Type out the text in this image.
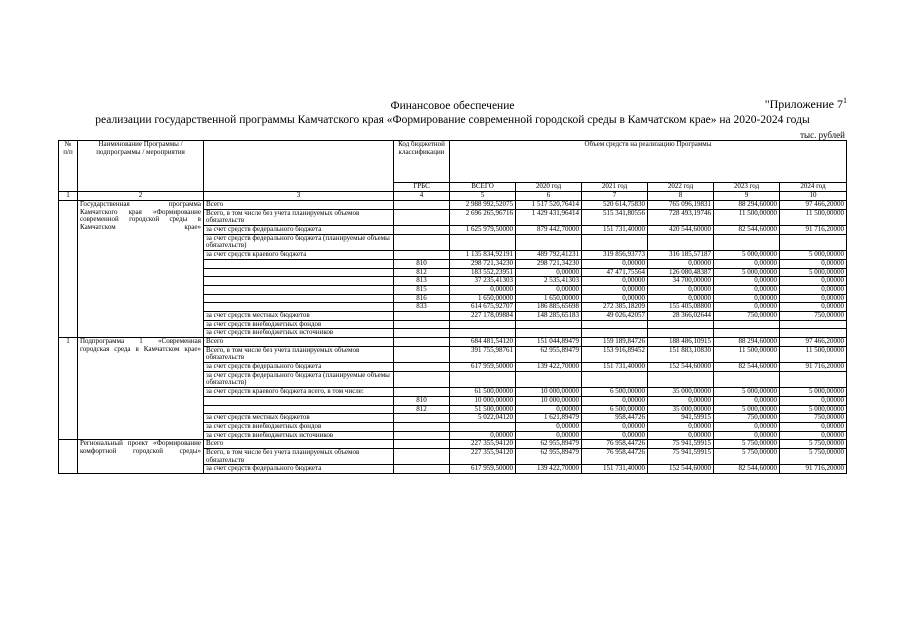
"Приложение $7^1$
Финансовое обеспечение
реализации государственной программы Камчатского края «Формирование современной городской среды в Камчатском крае» на 2020-2024 годы
тыс. рублей
№ п/п	Наименование Программы / подпрограммы / мероприятия		Код бюджетной классификации	Объем средств на реализацию Программы					
			ГРБС	ВСЕГО	2020 год	2021 год	2022 год	2023 год	2024 год
1	2	3	4	5	6	7	8	9	10
	Государственная программа Камчатского края «Формирование современной городской среды в Камчатском крае»	Всего		2 988 992,52075	1 517 520,76414	520 614,75830	765 096,19831	88 294,60000	97 466,20000
		Всего, в том числе без учета планируемых объемов обязательств		2 696 265,96716	1 429 431,96414	515 341,80556	728 493,19746	11 500,00000	11 500,00000
		за счет средств федерального бюджета		1 625 979,50000	879 442,70000	151 731,40000	420 544,60000	82 544,60000	91 716,20000
		за счет средств федерального бюджета (планируемые объемы обязательств)							
		за счет средств краевого бюджета		1 135 834,92191	489 792,41231	319 856,93773	316 185,57187	5 000,00000	5 000,00000
			810	298 721,34230	298 721,34230	0,00000	0,00000	0,00000	0,00000
			812	183 552,23951	0,00000	47 471,75564	126 080,48387	5 000,00000	5 000,00000
			813	37 235,41303	2 535,41303	0,00000	34 700,00000	0,00000	0,00000
			815	0,00000	0,00000	0,00000	0,00000	0,00000	0,00000
			816	1 650,00000	1 650,00000	0,00000	0,00000	0,00000	0,00000
			833	614 675,92707	186 885,65698	272 385,18209	155 405,08800	0,00000	0,00000
		за счет средств местных бюджетов		227 178,09884	148 285,65183	49 026,42057	28 366,02644	750,00000	750,00000
		за счет средств внебюджетных фондов							
		за счет средств внебюджетных источников							
1	Подпрограмма 1 «Современная городская среда в Камчатском крае»	Всего		684 481,54120	151 044,89479	159 189,84726	188 486,10915	88 294,60000	97 466,20000
		Всего, в том числе без учета планируемых объемов обязательств		391 755,98761	62 955,89479	153 916,89452	151 883,10830	11 500,00000	11 500,00000
		за счет средств федерального бюджета		617 959,50000	139 422,70000	151 731,40000	152 544,60000	82 544,60000	91 716,20000
		за счет средств федерального бюджета (планируемые объемы обязательств)							
		за счет средств краевого бюджета всего, в том числе:		61 500,00000	10 000,00000	6 500,00000	35 000,00000	5 000,00000	5 000,00000
			810	10 000,00000	10 000,00000	0,00000	0,00000	0,00000	0,00000
			812	51 500,00000	0,00000	6 500,00000	35 000,00000	5 000,00000	5 000,00000
		за счет средств местных бюджетов		5 022,04120	1 621,89479	958,44726	941,59915	750,00000	750,00000
		за счет средств внебюджетных фондов			0,00000	0,00000	0,00000	0,00000	0,00000
		за счет средств внебюджетных источников		0,00000	0,00000	0,00000	0,00000	0,00000	0,00000
	Региональный проект «Формирование комфортной городской среды»	Всего		227 355,94120	62 955,89479	76 958,44726	75 941,59915	5 750,00000	5 750,00000
		Всего, в том числе без учета планируемых объемов обязательств		227 355,94120	62 955,89479	76 958,44726	75 941,59915	5 750,00000	5 750,00000
		за счет средств федерального бюджета		617 959,50000	139 422,70000	151 731,40000	152 544,60000	82 544,60000	91 716,20000
